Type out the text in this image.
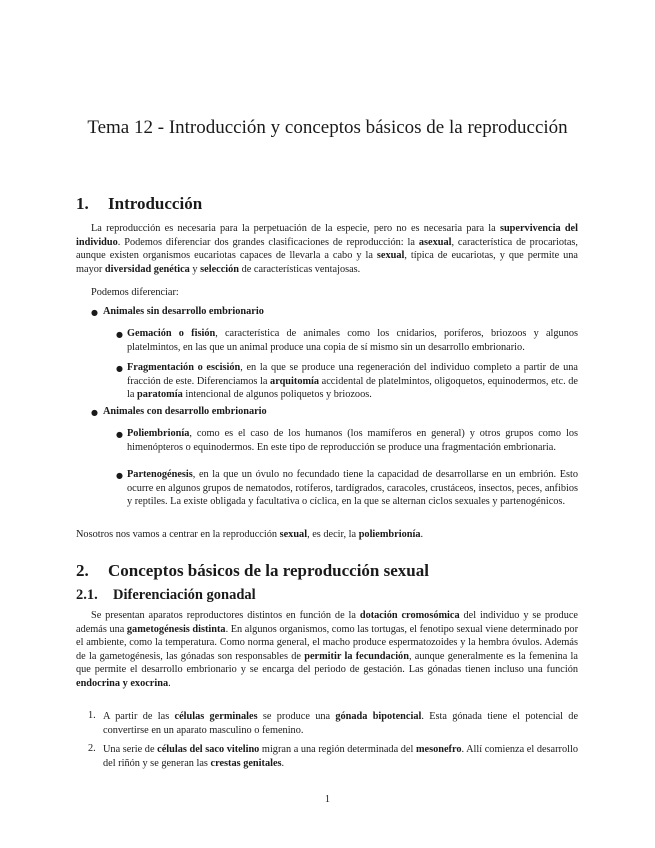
Tema 12 - Introducción y conceptos básicos de la reproducción
1. Introducción
La reproducción es necesaria para la perpetuación de la especie, pero no es necesaria para la supervivencia del individuo. Podemos diferenciar dos grandes clasificaciones de reproducción: la asexual, característica de procariotas, aunque existen organismos eucariotas capaces de llevarla a cabo y la sexual, típica de eucariotas, y que permite una mayor diversidad genética y selección de características ventajosas.
Podemos diferenciar:
● Animales sin desarrollo embrionario
● Gemación o fisión, característica de animales como los cnidarios, poríferos, briozoos y algunos platelmintos, en las que un animal produce una copia de sí mismo sin un desarrollo embrionario.
● Fragmentación o escisión, en la que se produce una regeneración del individuo completo a partir de una fracción de este. Diferenciamos la arquitomía accidental de platelmintos, oligoquetos, equinodermos, etc. de la paratomía intencional de algunos poliquetos y briozoos.
● Animales con desarrollo embrionario
● Poliembrionía, como es el caso de los humanos (los mamíferos en general) y otros grupos como los himenópteros o equinodermos. En este tipo de reproducción se produce una fragmentación embrionaria.
● Partenogénesis, en la que un óvulo no fecundado tiene la capacidad de desarrollarse en un embrión. Esto ocurre en algunos grupos de nematodos, rotíferos, tardígrados, caracoles, crustáceos, insectos, peces, anfibios y reptiles. La existe obligada y facultativa o cíclica, en la que se alternan ciclos sexuales y partenogénicos.
Nosotros nos vamos a centrar en la reproducción sexual, es decir, la poliembrionía.
2. Conceptos básicos de la reproducción sexual
2.1. Diferenciación gonadal
Se presentan aparatos reproductores distintos en función de la dotación cromosómica del individuo y se produce además una gametogénesis distinta. En algunos organismos, como las tortugas, el fenotipo sexual viene determinado por el ambiente, como la temperatura. Como norma general, el macho produce espermatozoides y la hembra óvulos. Además de la gametogénesis, las gónadas son responsables de permitir la fecundación, aunque generalmente es la femenina la que permite el desarrollo embrionario y se encarga del periodo de gestación. Las gónadas tienen incluso una función endocrina y exocrina.
1. A partir de las células germinales se produce una gónada bipotencial. Esta gónada tiene el potencial de convertirse en un aparato masculino o femenino.
2. Una serie de células del saco vitelino migran a una región determinada del mesonefro. Allí comienza el desarrollo del riñón y se generan las crestas genitales.
1
